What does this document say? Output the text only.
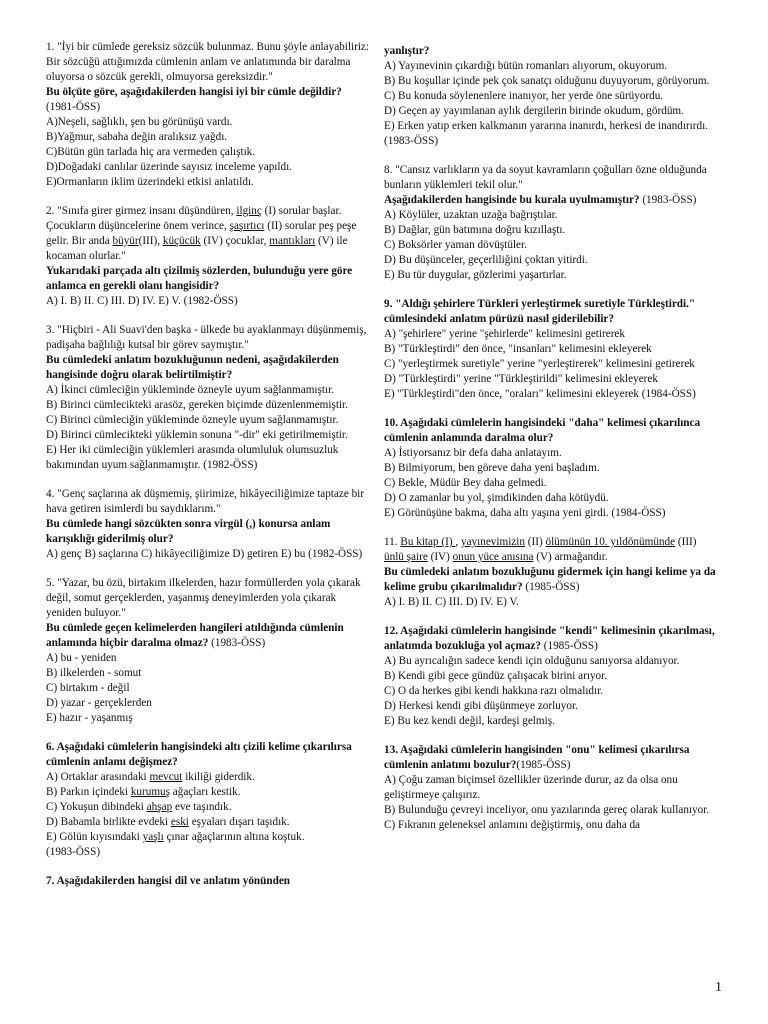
1. "İyi bir cümlede gereksiz sözcük bulunmaz. Bunu şöyle anlayabiliriz: Bir sözcüğü attığımızda cümlenin anlam ve anlatımında bir daralma oluyorsa o sözcük gerekli, olmuyorsa gereksizdir."

Bu ölçüte göre, aşağıdakilerden hangisi iyi bir cümle değildir?(1981-ÖSS)

A)Neşeli, sağlıklı, şen bu görünüşü vardı.

B)Yağmur, sabaha değin aralıksız yağdı.

C)Bütün gün tarlada hiç ara vermeden çalıştık.

D)Doğadaki canlılar üzerinde sayısız inceleme yapıldı.

E)Ormanların iklim üzerindeki etkisi anlatıldı.

2. "Sınıfa girer girmez insanı düşündüren, ilginç (I) sorular başlar. Çocukların düşüncelerine önem verince, şaşırtıcı (II) sorular peş peşe gelir. Bir anda büyür(III), küçücük (IV) çocuklar, mantıkları (V) ile kocaman olurlar."

Yukarıdaki parçada altı çizilmiş sözlerden, bulunduğu yere göre anlamca en gerekli olanı hangisidir?

A) I. B) II. C) III. D) IV. E) V. (1982-ÖSS)

3. "Hiçbiri - Ali Suavi'den başka - ülkede bu ayaklanmayı düşünmemiş, padişaha bağlılığı kutsal bir görev saymıştır."

Bu cümledeki anlatım bozukluğunun nedeni, aşağıdakilerden hangisinde doğru olarak belirtilmiştir?

A) İkinci cümleciğin yükleminde özneyle uyum sağlanmamıştır.

B) Birinci cümlecikteki arasöz, gereken biçimde düzenlenmemiştir.

C) Birinci cümleciğin yükleminde özneyle uyum sağlanmamıştır.

D) Birinci cümlecikteki yüklemin sonuna "-dir" eki getirilmemiştir.

E) Her iki cümleciğin yüklemleri arasında olumluluk olumsuzluk bakımından uyum sağlanmamıştır. (1982-ÖSS)

4. "Genç saçlarına ak düşmemiş, şiirimize, hikâyeciliğimize taptaze bir hava getiren isimlerdi bu saydıklarım."

Bu cümlede hangi sözcükten sonra virgül (,) konursa anlam karışıklığı giderilmiş olur?

A) genç B) saçlarına C) hikâyeciliğimize D) getiren E) bu (1982-ÖSS)

5. "Yazar, bu özü, birtakım ilkelerden, hazır formüllerden yola çıkarak değil, somut gerçeklerden, yaşanmış deneyimlerden yola çıkarak yeniden buluyor."

Bu cümlede geçen kelimelerden hangileri atıldığında cümlenin anlamında hiçbir daralma olmaz? (1983-ÖSS)

A) bu - yeniden

B) ilkelerden - somut

C) birtakım - değil

D) yazar - gerçeklerden

E) hazır - yaşanmış

6. Aşağıdaki cümlelerin hangisindeki altı çizili kelime çıkarılırsa cümlenin anlamı değişmez?

A) Ortaklar arasındaki mevcut ikiliği giderdik.

B) Parkın içindeki kurumuş ağaçları kestik.

C) Yokuşun dibindeki ahşap eve taşındık.

D) Babamla birlikte evdeki eski eşyaları dışarı taşıdık.

E) Gölün kıyısındaki yaşlı çınar ağaçlarının altına koştuk.

(1983-ÖSS)

7. Aşağıdakilerden hangisi dil ve anlatım yönünden

yanlıştır?

A) Yayınevinin çıkardığı bütün romanları alıyorum, okuyorum.

B) Bu koşullar içinde pek çok sanatçı olduğunu duyuyorum, görüyorum.

C) Bu konuda söylenenlere inanıyor, her yerde öne sürüyordu.

D) Geçen ay yayımlanan aylık dergilerin birinde okudum, gördüm.

E) Erken yatıp erken kalkmanın yararına inanırdı, herkesi de inandırırdı. (1983-ÖSS)

8. "Cansız varlıkların ya da soyut kavramların çoğulları özne olduğunda bunların yüklemleri tekil olur."

Aşağıdakilerden hangisinde bu kurala uyulmamıştır? (1983-ÖSS)

A) Köylüler, uzaktan uzağa bağrıştılar.

B) Dağlar, gün batımına doğru kızıllaştı.

C) Boksörler yaman dövüştüler.

D) Bu düşünceler, geçerliliğini çoktan yitirdi.

E) Bu tür duygular, gözlerimi yaşartırlar.

9. "Aldığı şehirlere Türkleri yerleştirmek suretiyle Türkleştirdi." cümlesindeki anlatım pürüzü nasıl giderilebilir?

A) "şehirlere" yerine "şehirlerde" kelimesini getirerek

B) "Türkleştirdi" den önce, "insanları" kelimesini ekleyerek

C) "yerleştirmek suretiyle" yerine "yerleştirerek" kelimesini getirerek

D) "Türkleştirdi" yerine "Türkleştirildi" kelimesini ekleyerek

E) "Türkleştirdi"den önce, "oraları" kelimesini ekleyerek (1984-ÖSS)

10. Aşağıdaki cümlelerin hangisindeki "daha" kelimesi çıkarılınca cümlenin anlamında daralma olur?

A) İstiyorsanız bir defa daha anlatayım.

B) Bilmiyorum, ben göreve daha yeni başladım.

C) Bekle, Müdür Bey daha gelmedi.

D) O zamanlar bu yol, şimdikinden daha kötüydü.

E) Görünüşüne bakma, daha altı yaşına yeni girdi. (1984-ÖSS)

11. Bu kitap (I) , yayınevimizin (II) ölümünün 10. yıldönümünde (III) ünlü şaire (IV) onun yüce anısına (V) armağandır.

Bu cümledeki anlatım bozukluğunu gidermek için hangi kelime ya da kelime grubu çıkarılmalıdır? (1985-ÖSS)

A) I. B) II. C) III. D) IV. E) V.

12. Aşağıdaki cümlelerin hangisinde "kendi" kelimesinin çıkarılması, anlatımda bozukluğa yol açmaz? (1985-ÖSS)

A) Bu ayrıcalığın sadece kendi için olduğunu sanıyorsa aldanıyor.

B) Kendi gibi gece gündüz çalışacak birini arıyor.

C) O da herkes gibi kendi hakkına razı olmalıdır.

D) Herkesi kendi gibi düşünmeye zorluyor.

E) Bu kez kendi değil, kardeşi gelmiş.

13. Aşağıdaki cümlelerin hangisinden "onu" kelimesi çıkarılırsa cümlenin anlatımı bozulur?(1985-ÖSS)

A) Çoğu zaman biçimsel özellikler üzerinde durur, az da olsa onu geliştirmeye çalışırız.

B) Bulunduğu çevreyi inceliyor, onu yazılarında gereç olarak kullanıyor.

C) Fıkranın geleneksel anlamını değiştirmiş, onu daha da

1
